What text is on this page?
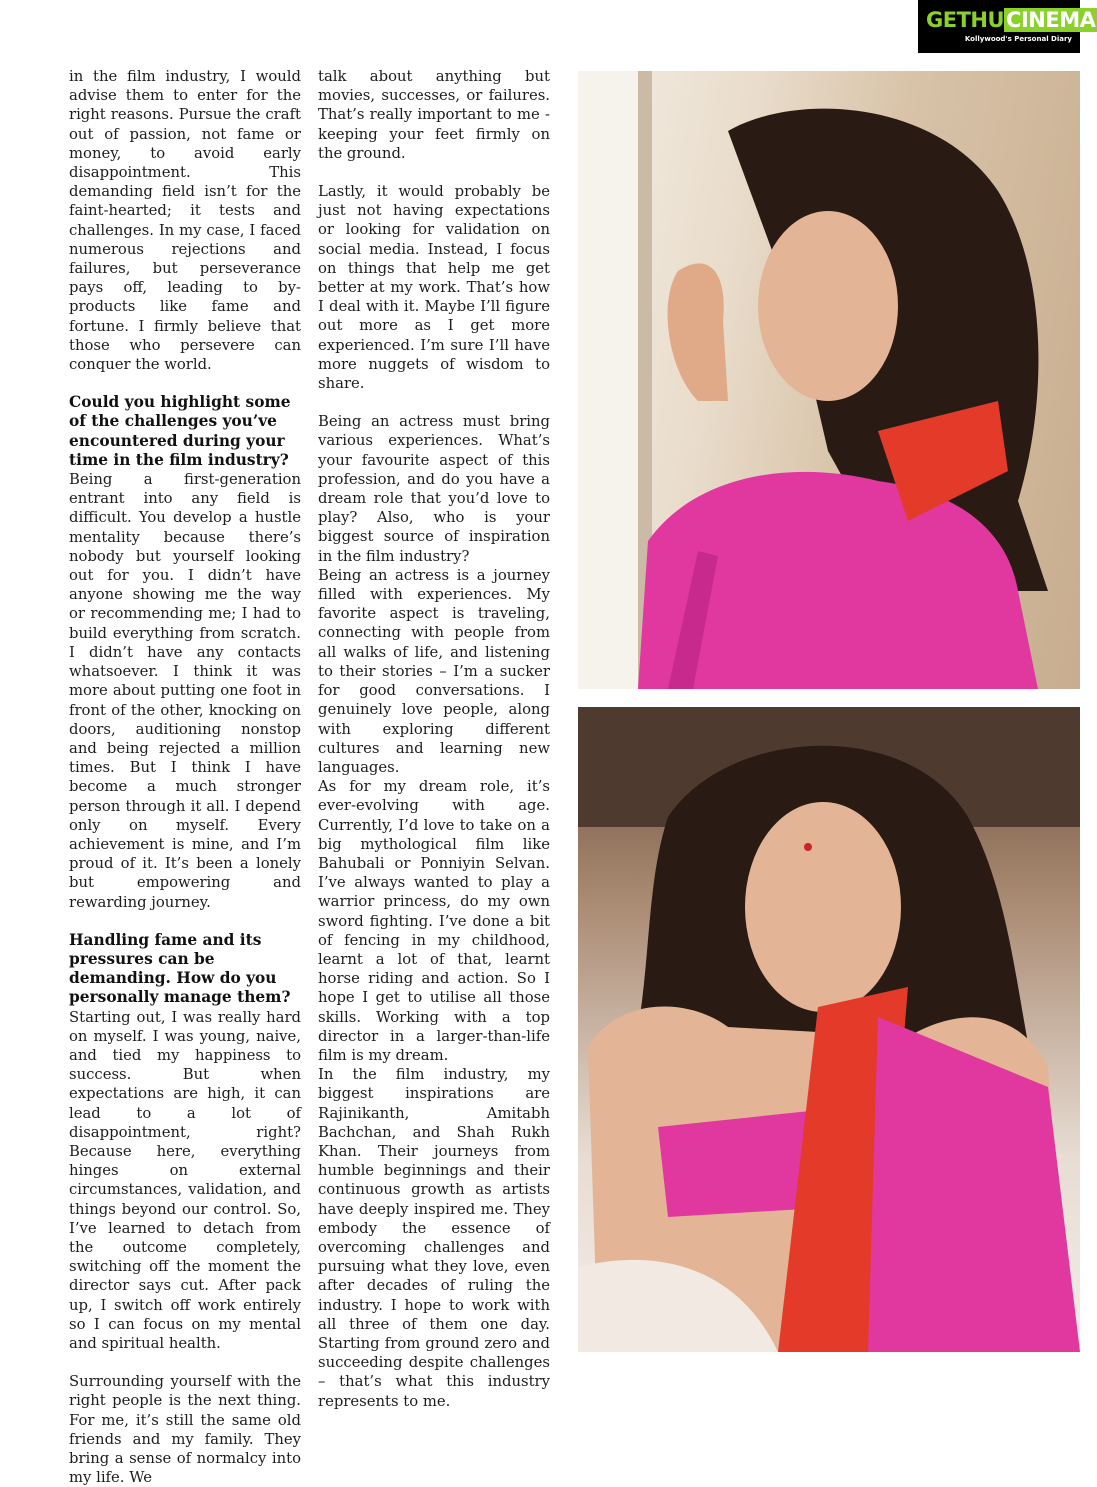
GETHUCINEMA
Kollywood's Personal Diary

in the film industry, I would advise them to enter for the right reasons. Pursue the craft out of passion, not fame or money, to avoid early disappointment. This demanding field isn’t for the faint-hearted; it tests and challenges. In my case, I faced numerous rejections and failures, but perseverance pays off, leading to by-products like fame and fortune. I firmly believe that those who persevere can conquer the world.

Could you highlight some of the challenges you’ve encountered during your time in the film industry?

Being a first-generation entrant into any field is difficult. You develop a hustle mentality because there’s nobody but yourself looking out for you. I didn’t have anyone showing me the way or recommending me; I had to build everything from scratch. I didn’t have any contacts whatsoever. I think it was more about putting one foot in front of the other, knocking on doors, auditioning nonstop and being rejected a million times. But I think I have become a much stronger person through it all. I depend only on myself. Every achievement is mine, and I’m proud of it. It’s been a lonely but empowering and rewarding journey.

Handling fame and its pressures can be demanding. How do you personally manage them?

Starting out, I was really hard on myself. I was young, naive, and tied my happiness to success. But when expectations are high, it can lead to a lot of disappointment, right? Because here, everything hinges on external circumstances, validation, and things beyond our control. So, I’ve learned to detach from the outcome completely, switching off the moment the director says cut. After pack up, I switch off work entirely so I can focus on my mental and spiritual health.

Surrounding yourself with the right people is the next thing. For me, it’s still the same old friends and my family. They bring a sense of normalcy into my life. We

talk about anything but movies, successes, or failures. That’s really important to me - keeping your feet firmly on the ground.

Lastly, it would probably be just not having expectations or looking for validation on social media. Instead, I focus on things that help me get better at my work. That’s how I deal with it. Maybe I’ll figure out more as I get more experienced. I’m sure I’ll have more nuggets of wisdom to share.

Being an actress must bring various experiences. What’s your favourite aspect of this profession, and do you have a dream role that you’d love to play? Also, who is your biggest source of inspiration in the film industry?

Being an actress is a journey filled with experiences. My favorite aspect is traveling, connecting with people from all walks of life, and listening to their stories – I’m a sucker for good conversations. I genuinely love people, along with exploring different cultures and learning new languages.

As for my dream role, it’s ever-evolving with age. Currently, I’d love to take on a big mythological film like Bahubali or Ponniyin Selvan. I’ve always wanted to play a warrior princess, do my own sword fighting. I’ve done a bit of fencing in my childhood, learnt a lot of that, learnt horse riding and action. So I hope I get to utilise all those skills. Working with a top director in a larger-than-life film is my dream.

In the film industry, my biggest inspirations are Rajinikanth, Amitabh Bachchan, and Shah Rukh Khan. Their journeys from humble beginnings and their continuous growth as artists have deeply inspired me. They embody the essence of overcoming challenges and pursuing what they love, even after decades of ruling the industry. I hope to work with all three of them one day. Starting from ground zero and succeeding despite challenges – that’s what this industry represents to me.
